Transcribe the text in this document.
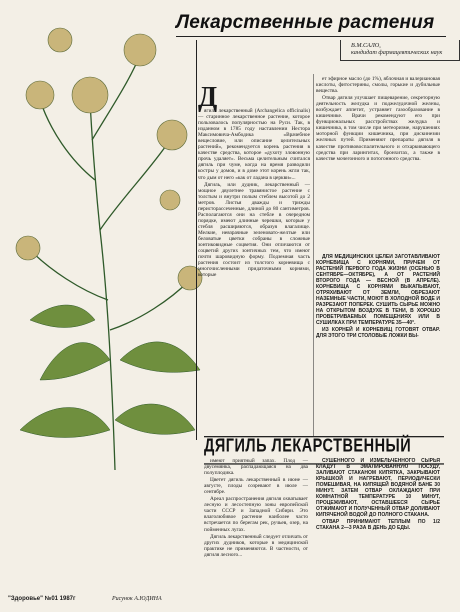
Лекарственные растения
В.М.САЛО,
кандидат фармацевтических наук
Д

ягиль лекарственный (Archangelica officinalis) — старинное лекарственное растение, которое пользовалось популярностью на Руси. Так, в изданном в 1785 году наставлении Нестора Максимовича-Амбодика «Врачебное вещесловие, или описание целительных растений», рекомендуется корень растения в качестве средства, которое «духоту зловонную прочь удаляет». Весьма целительным считался дягиль при чуме, когда на время разводили костры у домов, и в доме этот корень жгли так, что дым от него «как от ладана в церкви»...

Дягиль, или дудник, лекарственный — мощное двулетнее травянистое растение с толстым и внутри полым стеблем высотой до 2 метров. Листья дважды и трижды перисторассеченные, длиной до 80 сантиметров. Располагаются они на стебле в очередном порядке, имеют длинные черешки, которые у стебля расширяются, образуя влагалище. Мелкие, невзрачные зеленовато-желтые или беловатые цветки собраны в сложные зонтиковидные соцветия. Они отличаются от соцветий других зонтичных тем, что имеют почти шаровидную форму. Подземная часть растения состоит из толстого корневища с многочисленными придаточными корнями, которые

ет эфирное масло (до 1%), яблочная и валериановая кислоты, фитостерины, смолы, горькие и дубильные вещества.

Отвар дягиля улучшает пищеварение, секреторную деятельность желудка и поджелудочной железы, возбуждает аппетит, устраняет газообразование в кишечнике. Врачи рекомендуют его при функциональных расстройствах желудка и кишечника, в том числе при метеоризме, нарушениях моторной функции кишечника, при дискинезии желчных путей. Применяют препараты дягиля в качестве противовоспалительного и отхаркивающего средства при ларингитах, бронхитах, а также в качестве мочегонного и потогонного средства.

ДЛЯ МЕДИЦИНСКИХ ЦЕЛЕЙ ЗАГОТАВЛИВАЮТ КОРНЕВИЩА С КОРНЯМИ, ПРИЧЕМ ОТ РАСТЕНИЙ ПЕРВОГО ГОДА ЖИЗНИ (ОСЕНЬЮ В СЕНТЯБРЕ—ОКТЯБРЕ), А ОТ РАСТЕНИЙ ВТОРОГО ГОДА — ВЕСНОЙ (В АПРЕЛЕ). КОРНЕВИЩА С КОРНЯМИ ВЫКАПЫВАЮТ, ОТРЯХИВАЮТ ОТ ЗЕМЛИ, ОБРЕЗАЮТ НАЗЕМНЫЕ ЧАСТИ, МОЮТ В ХОЛОДНОЙ ВОДЕ И РАЗРЕЗАЮТ ПОПЕРЕК. СУШИТЬ СЫРЬЕ МОЖНО НА ОТКРЫТОМ ВОЗДУХЕ В ТЕНИ, В ХОРОШО ПРОВЕТРИВАЕМЫХ ПОМЕЩЕНИЯХ ИЛИ В СУШИЛКАХ ПРИ ТЕМПЕРАТУРЕ 35—40°.

ИЗ КОРНЕЙ И КОРНЕВИЩ ГОТОВЯТ ОТВАР. ДЛЯ ЭТОГО ТРИ СТОЛОВЫЕ ЛОЖКИ ВЫ-

ДЯГИЛЬ ЛЕКАРСТВЕННЫЙ

имеют приятный запах. Плод — двусемянка, распадающаяся на два полуплодика.

Цветет дягиль лекарственный в июне — августе, плоды созревают в июле — сентябре.

Ареал распространения дягиля охватывает лесную и лесостепную зоны европейской части СССР и Западной Сибири. Это влаголюбивое растение наиболее часто встречается по берегам рек, ручьев, озер, на пойменных лугах.

Дягиль лекарственный следует отличать от других дудников, которые в медицинской практике не применяются. В частности, от дягиля лесного...

СУШЕННОГО И ИЗМЕЛЬЧЕННОГО СЫРЬЯ КЛАДУТ В ЭМАЛИРОВАННУЮ ПОСУДУ, ЗАЛИВАЮТ СТАКАНОМ КИПЯТКА, ЗАКРЫВАЮТ КРЫШКОЙ И НАГРЕВАЮТ, ПЕРИОДИЧЕСКИ ПОМЕШИВАЯ, НА КИПЯЩЕЙ ВОДЯНОЙ БАНЕ 30 МИНУТ. ЗАТЕМ ОТВАР ОХЛАЖДАЮТ ПРИ КОМНАТНОЙ ТЕМПЕРАТУРЕ 10 МИНУТ, ПРОЦЕЖИВАЮТ, ОСТАВШЕЕСЯ СЫРЬЕ ОТЖИМАЮТ И ПОЛУЧЕННЫЙ ОТВАР ДОЛИВАЮТ КИПЯЧЕНОЙ ВОДОЙ ДО ПОЛНОГО СТАКАНА.

ОТВАР ПРИНИМАЮТ ТЕПЛЫМ ПО 1/2 СТАКАНА 2—3 РАЗА В ДЕНЬ ДО ЕДЫ.

"Здоровье" №01 1987г	Рисунок А.ЮДИНА
